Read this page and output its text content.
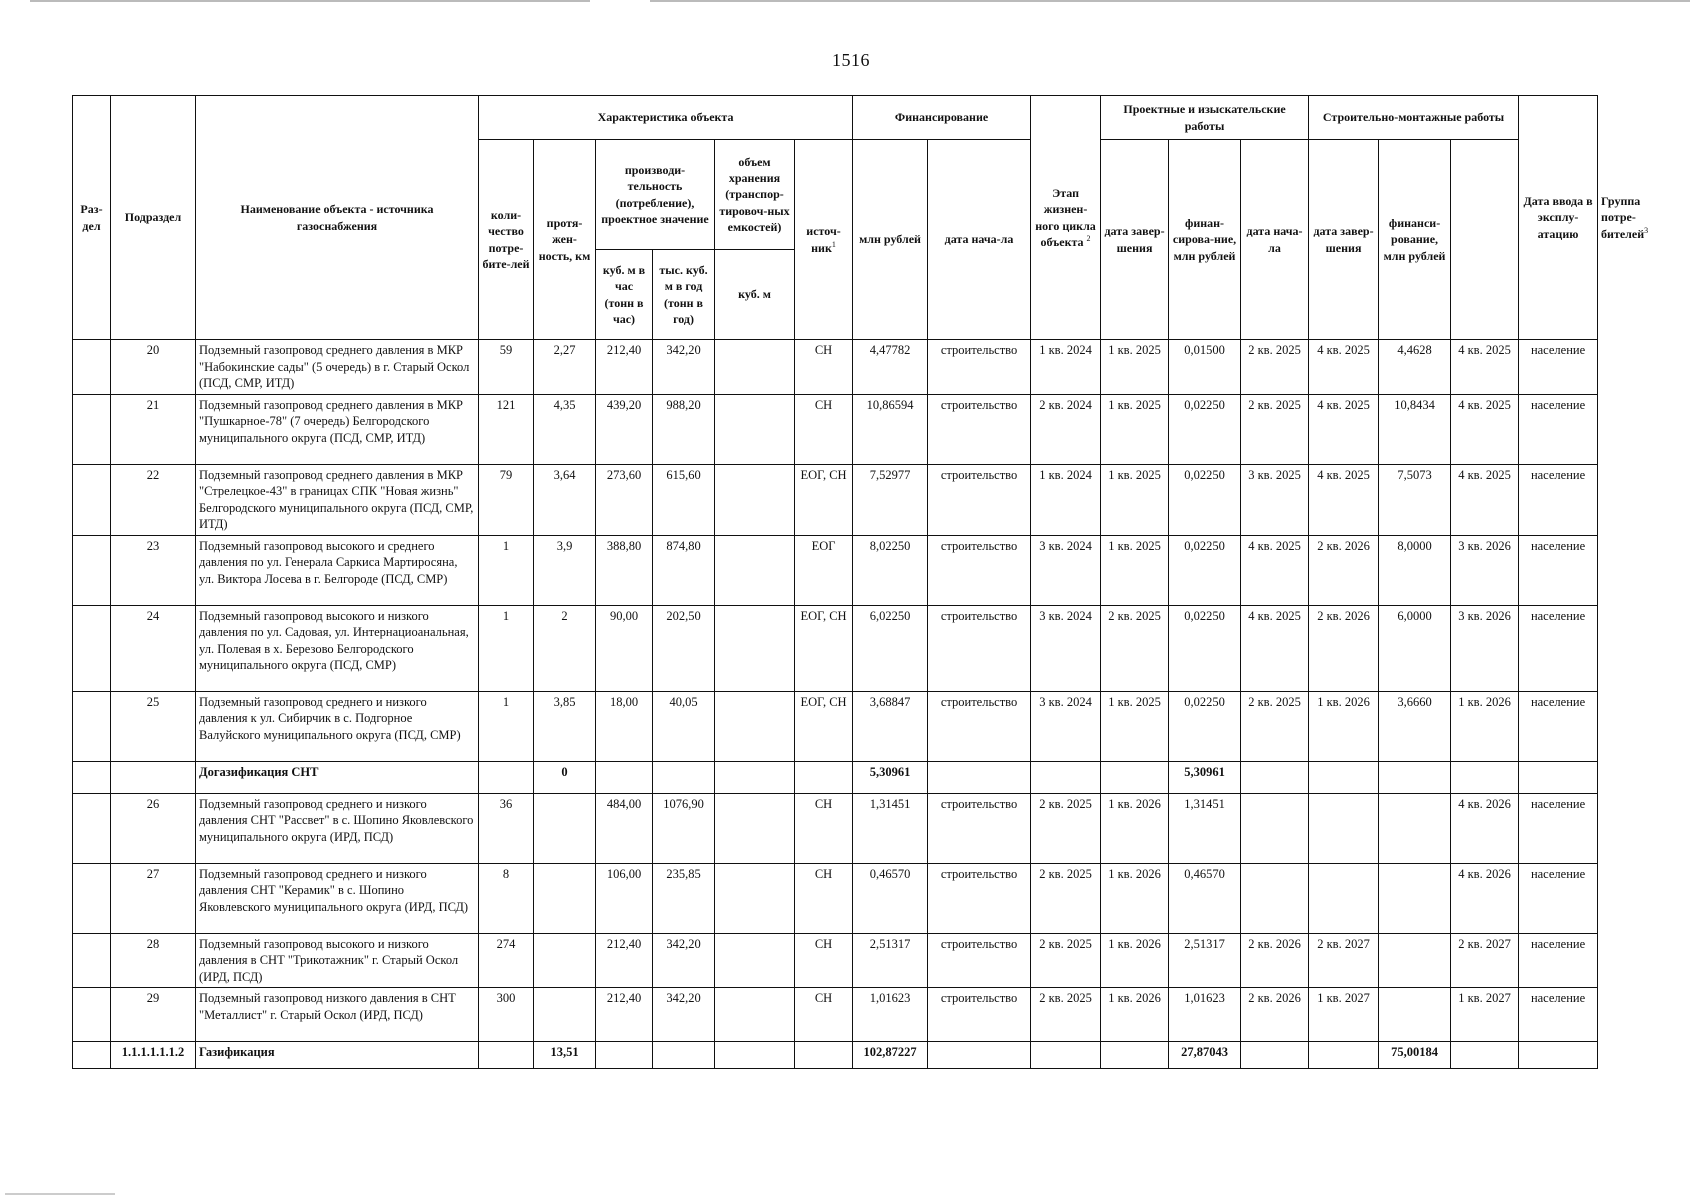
1516
Раз-дел	Подраздел	Наименование объекта - источника газоснабжения	Характеристика объекта						Финансирование		Этап жизнен-ного цикла объекта $^2$	Проектные и изыскательские работы			Строительно-монтажные работы			Дата ввода в эксплу-атацию	Группа потре-бителей$^3$
			коли-чество потре-бите-лей	протя-жен-ность, км	производи-тельность (потребление), проектное значение		объем хранения (транспор-тировоч-ных емкостей)	источ-ник$^1$	млн рублей	дата нача-ла		дата завер-шения	финан-сирова-ние, млн рублей	дата нача-ла	дата завер-шения	финанси-рование, млн рублей			
					куб. м в час (тонн в час)	тыс. куб. м в год (тонн в год)	куб. м												
	20	Подземный газопровод среднего давления в МКР "Набокинские сады" (5 очередь) в г. Старый Оскол (ПСД, СМР, ИТД)	59	2,27	212,40	342,20		СН	4,47782	строительство	1 кв. 2024	1 кв. 2025	0,01500	2 кв. 2025	4 кв. 2025	4,4628	4 кв. 2025	население	
	21	Подземный газопровод среднего давления в МКР "Пушкарное-78" (7 очередь) Белгородского муниципального округа (ПСД, СМР, ИТД)	121	4,35	439,20	988,20		СН	10,86594	строительство	2 кв. 2024	1 кв. 2025	0,02250	2 кв. 2025	4 кв. 2025	10,8434	4 кв. 2025	население	
	22	Подземный газопровод среднего давления в МКР "Стрелецкое-43" в границах СПК "Новая жизнь" Белгородского муниципального округа (ПСД, СМР, ИТД)	79	3,64	273,60	615,60		ЕОГ, СН	7,52977	строительство	1 кв. 2024	1 кв. 2025	0,02250	3 кв. 2025	4 кв. 2025	7,5073	4 кв. 2025	население	
	23	Подземный газопровод высокого и среднего давления по ул. Генерала Саркиса Мартиросяна, ул. Виктора Лосева в г. Белгороде (ПСД, СМР)	1	3,9	388,80	874,80		ЕОГ	8,02250	строительство	3 кв. 2024	1 кв. 2025	0,02250	4 кв. 2025	2 кв. 2026	8,0000	3 кв. 2026	население	
	24	Подземный газопровод высокого и низкого давления по ул. Садовая, ул. Интернациоанальная, ул. Полевая в х. Березово Белгородского муниципального округа (ПСД, СМР)	1	2	90,00	202,50		ЕОГ, СН	6,02250	строительство	3 кв. 2024	2 кв. 2025	0,02250	4 кв. 2025	2 кв. 2026	6,0000	3 кв. 2026	население	
	25	Подземный газопровод среднего и низкого давления к ул. Сибирчик в с. Подгорное Валуйского муниципального округа (ПСД, СМР)	1	3,85	18,00	40,05		ЕОГ, СН	3,68847	строительство	3 кв. 2024	1 кв. 2025	0,02250	2 кв. 2025	1 кв. 2026	3,6660	1 кв. 2026	население	
		Догазификация СНТ		0					5,30961				5,30961						
	26	Подземный газопровод среднего и низкого давления СНТ "Рассвет" в с. Шопино Яковлевского муниципального округа (ИРД, ПСД)	36		484,00	1076,90		СН	1,31451	строительство	2 кв. 2025	1 кв. 2026	1,31451				4 кв. 2026	население	
	27	Подземный газопровод среднего и низкого давления СНТ "Керамик" в с. Шопино Яковлевского муниципального округа (ИРД, ПСД)	8		106,00	235,85		СН	0,46570	строительство	2 кв. 2025	1 кв. 2026	0,46570				4 кв. 2026	население	
	28	Подземный газопровод высокого и низкого давления в СНТ "Трикотажник" г. Старый Оскол (ИРД, ПСД)	274		212,40	342,20		СН	2,51317	строительство	2 кв. 2025	1 кв. 2026	2,51317	2 кв. 2026	2 кв. 2027		2 кв. 2027	население	
	29	Подземный газопровод низкого давления в СНТ "Металлист" г. Старый Оскол (ИРД, ПСД)	300		212,40	342,20		СН	1,01623	строительство	2 кв. 2025	1 кв. 2026	1,01623	2 кв. 2026	1 кв. 2027		1 кв. 2027	население	
	1.1.1.1.1.1.2	Газификация		13,51					102,87227				27,87043			75,00184			
